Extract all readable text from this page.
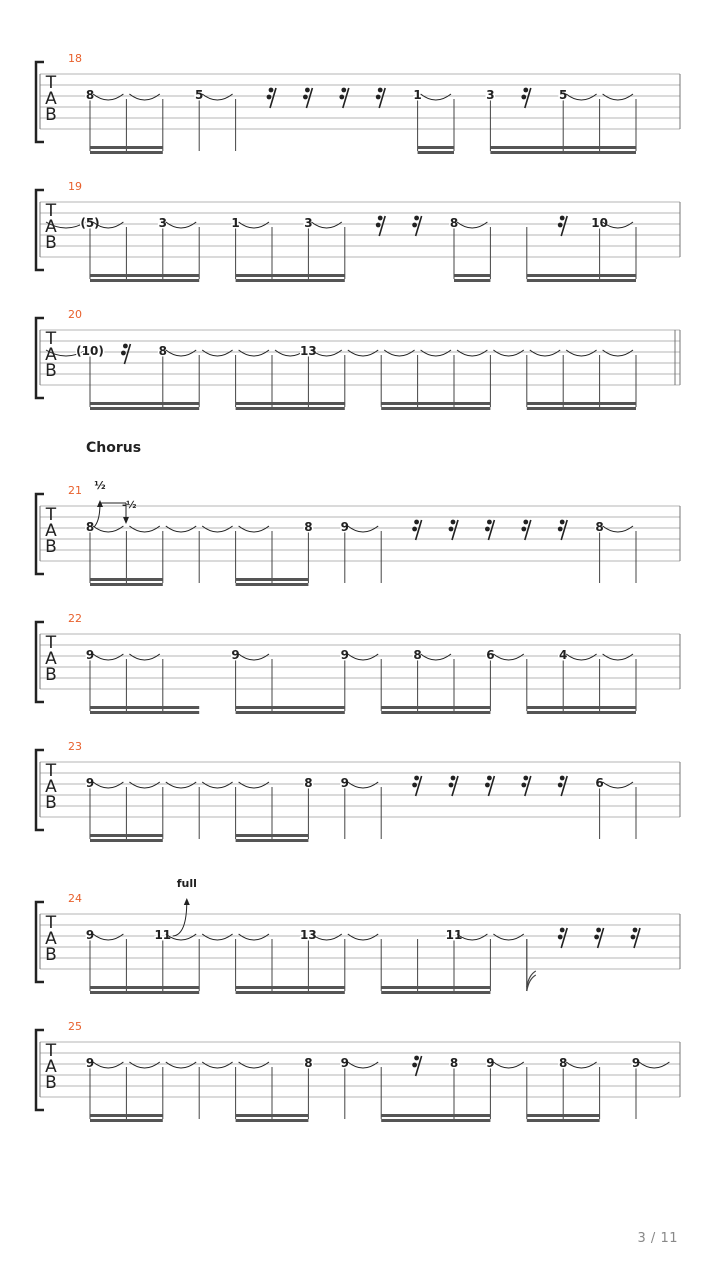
T
A
B
18
8	5	1	3	5
T
A
B
19
(5)	3	1	3	8	10
T
A
B
20
(10)	8	13
T
A
B
21
Chorus
8	8 9	8
½
-½
T
A
B
22
9	9	9	8	6	4
T
A
B
23
9	8 9	6
T
A
B
24
9	11	13	11
full
T
A
B
25
9	8 9	8 9	8	9
3 / 11
